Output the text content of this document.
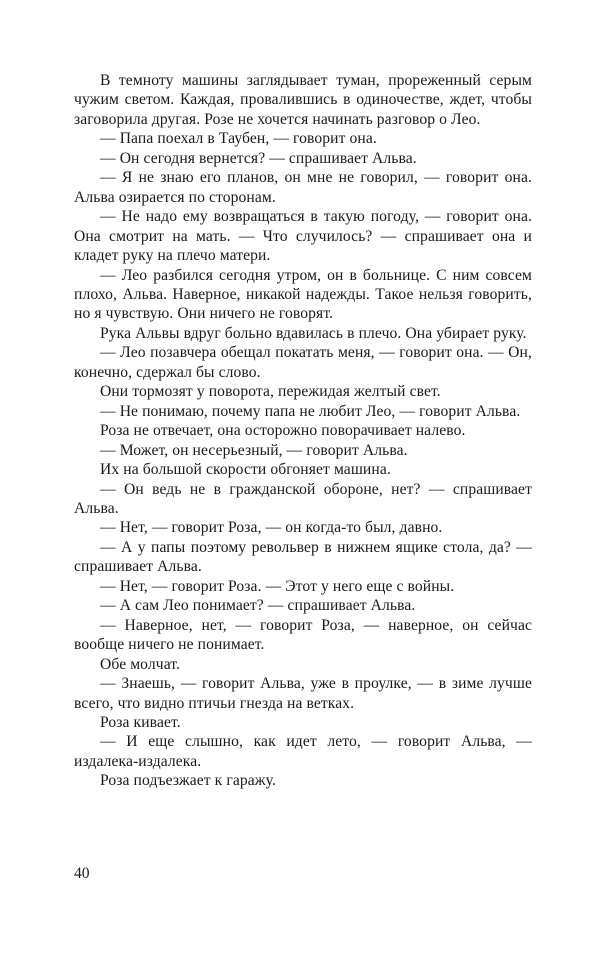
В темноту машины заглядывает туман, прореженный серым чужим светом. Каждая, провалившись в одиночестве, ждет, чтобы заговорила другая. Розе не хочется начинать разговор о Лео.

— Папа поехал в Таубен, — говорит она.

— Он сегодня вернется? — спрашивает Альва.

— Я не знаю его планов, он мне не говорил, — говорит она. Альва озирается по сторонам.

— Не надо ему возвращаться в такую погоду, — говорит она. Она смотрит на мать. — Что случилось? — спрашивает она и кладет руку на плечо матери.

— Лео разбился сегодня утром, он в больнице. С ним совсем плохо, Альва. Наверное, никакой надежды. Такое нельзя говорить, но я чувствую. Они ничего не говорят.

Рука Альвы вдруг больно вдавилась в плечо. Она убирает руку.

— Лео позавчера обещал покатать меня, — говорит она. — Он, конечно, сдержал бы слово.

Они тормозят у поворота, пережидая желтый свет.

— Не понимаю, почему папа не любит Лео, — говорит Альва.

Роза не отвечает, она осторожно поворачивает налево.

— Может, он несерьезный, — говорит Альва.

Их на большой скорости обгоняет машина.

— Он ведь не в гражданской обороне, нет? — спрашивает Альва.

— Нет, — говорит Роза, — он когда-то был, давно.

— А у папы поэтому револьвер в нижнем ящике стола, да? — спрашивает Альва.

— Нет, — говорит Роза. — Этот у него еще с войны.

— А сам Лео понимает? — спрашивает Альва.

— Наверное, нет, — говорит Роза, — наверное, он сейчас вообще ничего не понимает.

Обе молчат.

— Знаешь, — говорит Альва, уже в проулке, — в зиме лучше всего, что видно птичьи гнезда на ветках.

Роза кивает.

— И еще слышно, как идет лето, — говорит Альва, — издалека-издалека.

Роза подъезжает к гаражу.

40
